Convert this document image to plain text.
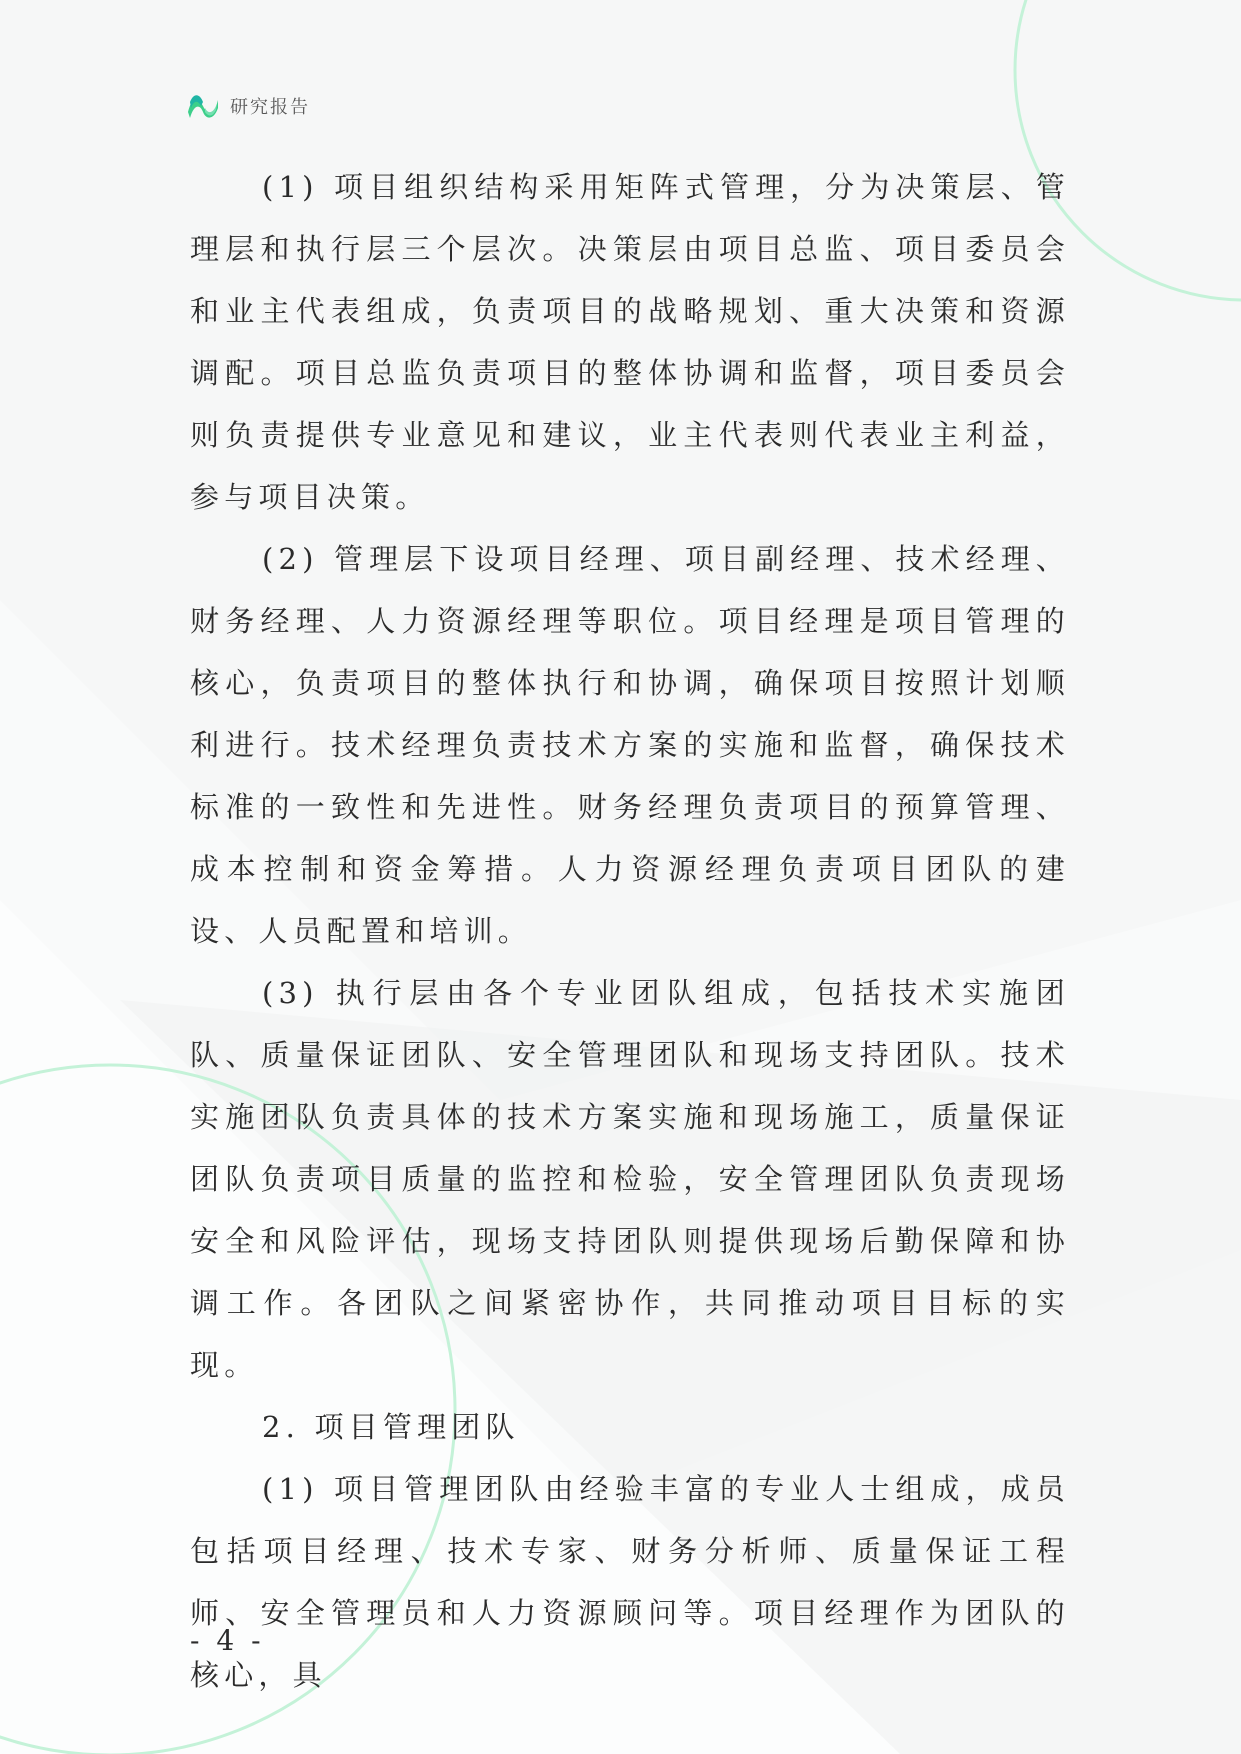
研究报告

(1) 项目组织结构采用矩阵式管理，分为决策层、管理层和执行层三个层次。决策层由项目总监、项目委员会和业主代表组成，负责项目的战略规划、重大决策和资源调配。项目总监负责项目的整体协调和监督，项目委员会则负责提供专业意见和建议，业主代表则代表业主利益，参与项目决策。

(2) 管理层下设项目经理、项目副经理、技术经理、财务经理、人力资源经理等职位。项目经理是项目管理的核心，负责项目的整体执行和协调，确保项目按照计划顺利进行。技术经理负责技术方案的实施和监督，确保技术标准的一致性和先进性。财务经理负责项目的预算管理、成本控制和资金筹措。人力资源经理负责项目团队的建设、人员配置和培训。

(3) 执行层由各个专业团队组成，包括技术实施团队、质量保证团队、安全管理团队和现场支持团队。技术实施团队负责具体的技术方案实施和现场施工，质量保证团队负责项目质量的监控和检验，安全管理团队负责现场安全和风险评估，现场支持团队则提供现场后勤保障和协调工作。各团队之间紧密协作，共同推动项目目标的实现。

2. 项目管理团队

(1) 项目管理团队由经验丰富的专业人士组成，成员包括项目经理、技术专家、财务分析师、质量保证工程师、安全管理员和人力资源顾问等。项目经理作为团队的核心，具

- 4 -
